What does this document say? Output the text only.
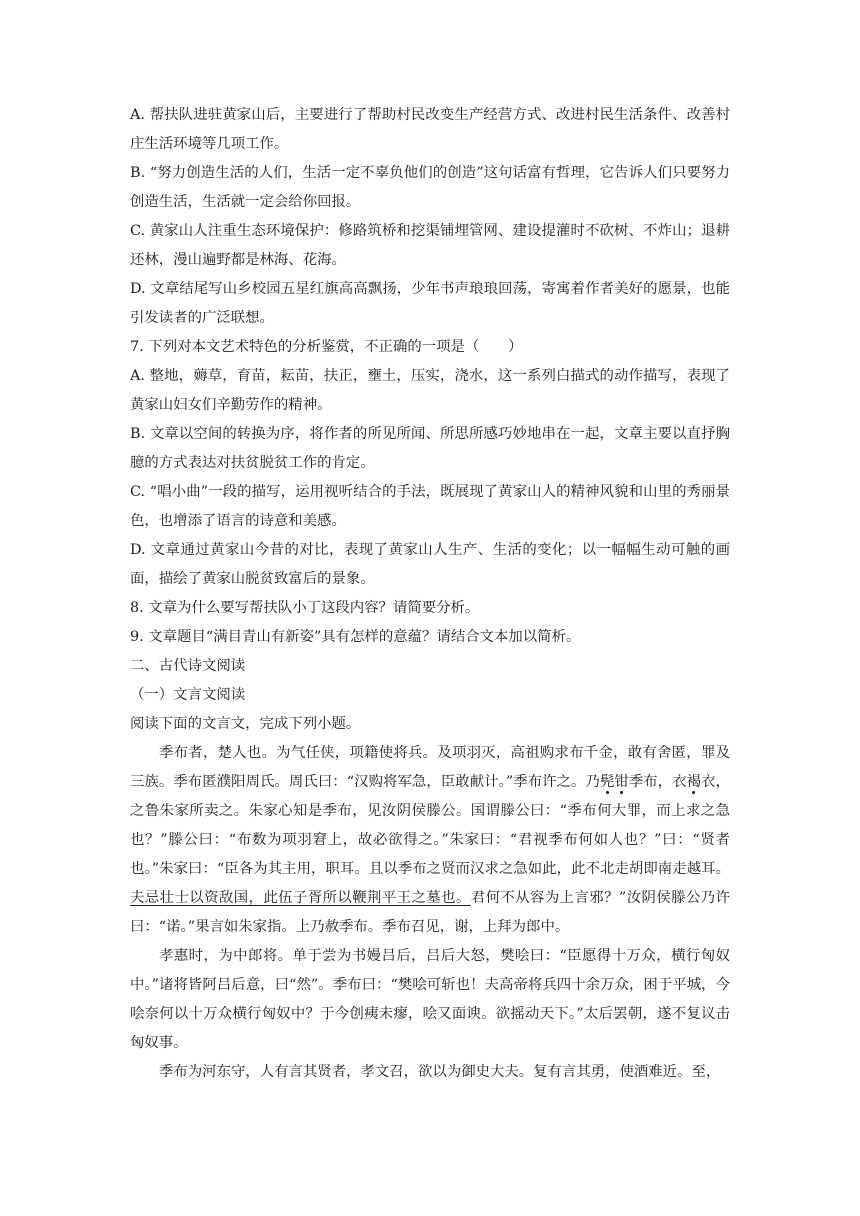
A. 帮扶队进驻黄家山后，主要进行了帮助村民改变生产经营方式、改进村民生活条件、改善村庄生活环境等几项工作。

B. “努力创造生活的人们，生活一定不辜负他们的创造”这句话富有哲理，它告诉人们只要努力创造生活，生活就一定会给你回报。

C. 黄家山人注重生态环境保护：修路筑桥和挖渠铺埋管网、建设提灌时不砍树、不炸山；退耕还林，漫山遍野都是林海、花海。

D. 文章结尾写山乡校园五星红旗高高飘扬，少年书声琅琅回荡，寄寓着作者美好的愿景，也能引发读者的广泛联想。

7. 下列对本文艺术特色的分析鉴赏，不正确的一项是（　　）

A. 整地，薅草，育苗，耘苗，扶正，壅土，压实，浇水，这一系列白描式的动作描写，表现了黄家山妇女们辛勤劳作的精神。

B. 文章以空间的转换为序，将作者的所见所闻、所思所感巧妙地串在一起，文章主要以直抒胸臆的方式表达对扶贫脱贫工作的肯定。

C. “唱小曲”一段的描写，运用视听结合的手法，既展现了黄家山人的精神风貌和山里的秀丽景色，也增添了语言的诗意和美感。

D. 文章通过黄家山今昔的对比，表现了黄家山人生产、生活的变化；以一幅幅生动可触的画面，描绘了黄家山脱贫致富后的景象。

8. 文章为什么要写帮扶队小丁这段内容？请简要分析。

9. 文章题目“满目青山有新姿”具有怎样的意蕴？请结合文本加以简析。

二、古代诗文阅读

（一）文言文阅读

阅读下面的文言文，完成下列小题。

季布者，楚人也。为气任侠，项籍使将兵。及项羽灭，高祖购求布千金，敢有舍匿，罪及三族。季布匿濮阳周氏。周氏曰：“汉购将军急，臣敢献计。”季布许之。乃髡钳季布，衣褐衣，之鲁朱家所卖之。朱家心知是季布，见汝阴侯滕公。国谓滕公曰：“季布何大罪，而上求之急也？”滕公曰：“布数为项羽窘上，故必欲得之。”朱家曰：“君视季布何如人也？”曰：“贤者也。”朱家曰：“臣各为其主用，职耳。且以季布之贤而汉求之急如此，此不北走胡即南走越耳。夫忌壮士以资敌国，此伍子胥所以鞭荆平王之墓也。君何不从容为上言邪？”汝阴侯滕公乃许曰：“诺。”果言如朱家指。上乃赦季布。季布召见，谢，上拜为郎中。

孝惠时，为中郎将。单于尝为书嫚吕后，吕后大怒，樊哙曰：“臣愿得十万众，横行匈奴中。”诸将皆阿吕后意，曰“然”。季布曰：“樊哙可斩也！夫高帝将兵四十余万众，困于平城，今哙奈何以十万众横行匈奴中？于今创痍未瘳，哙又面谀。欲摇动天下。”太后罢朝，遂不复议击匈奴事。

季布为河东守，人有言其贤者，孝文召，欲以为御史大夫。复有言其勇，使酒难近。至，
